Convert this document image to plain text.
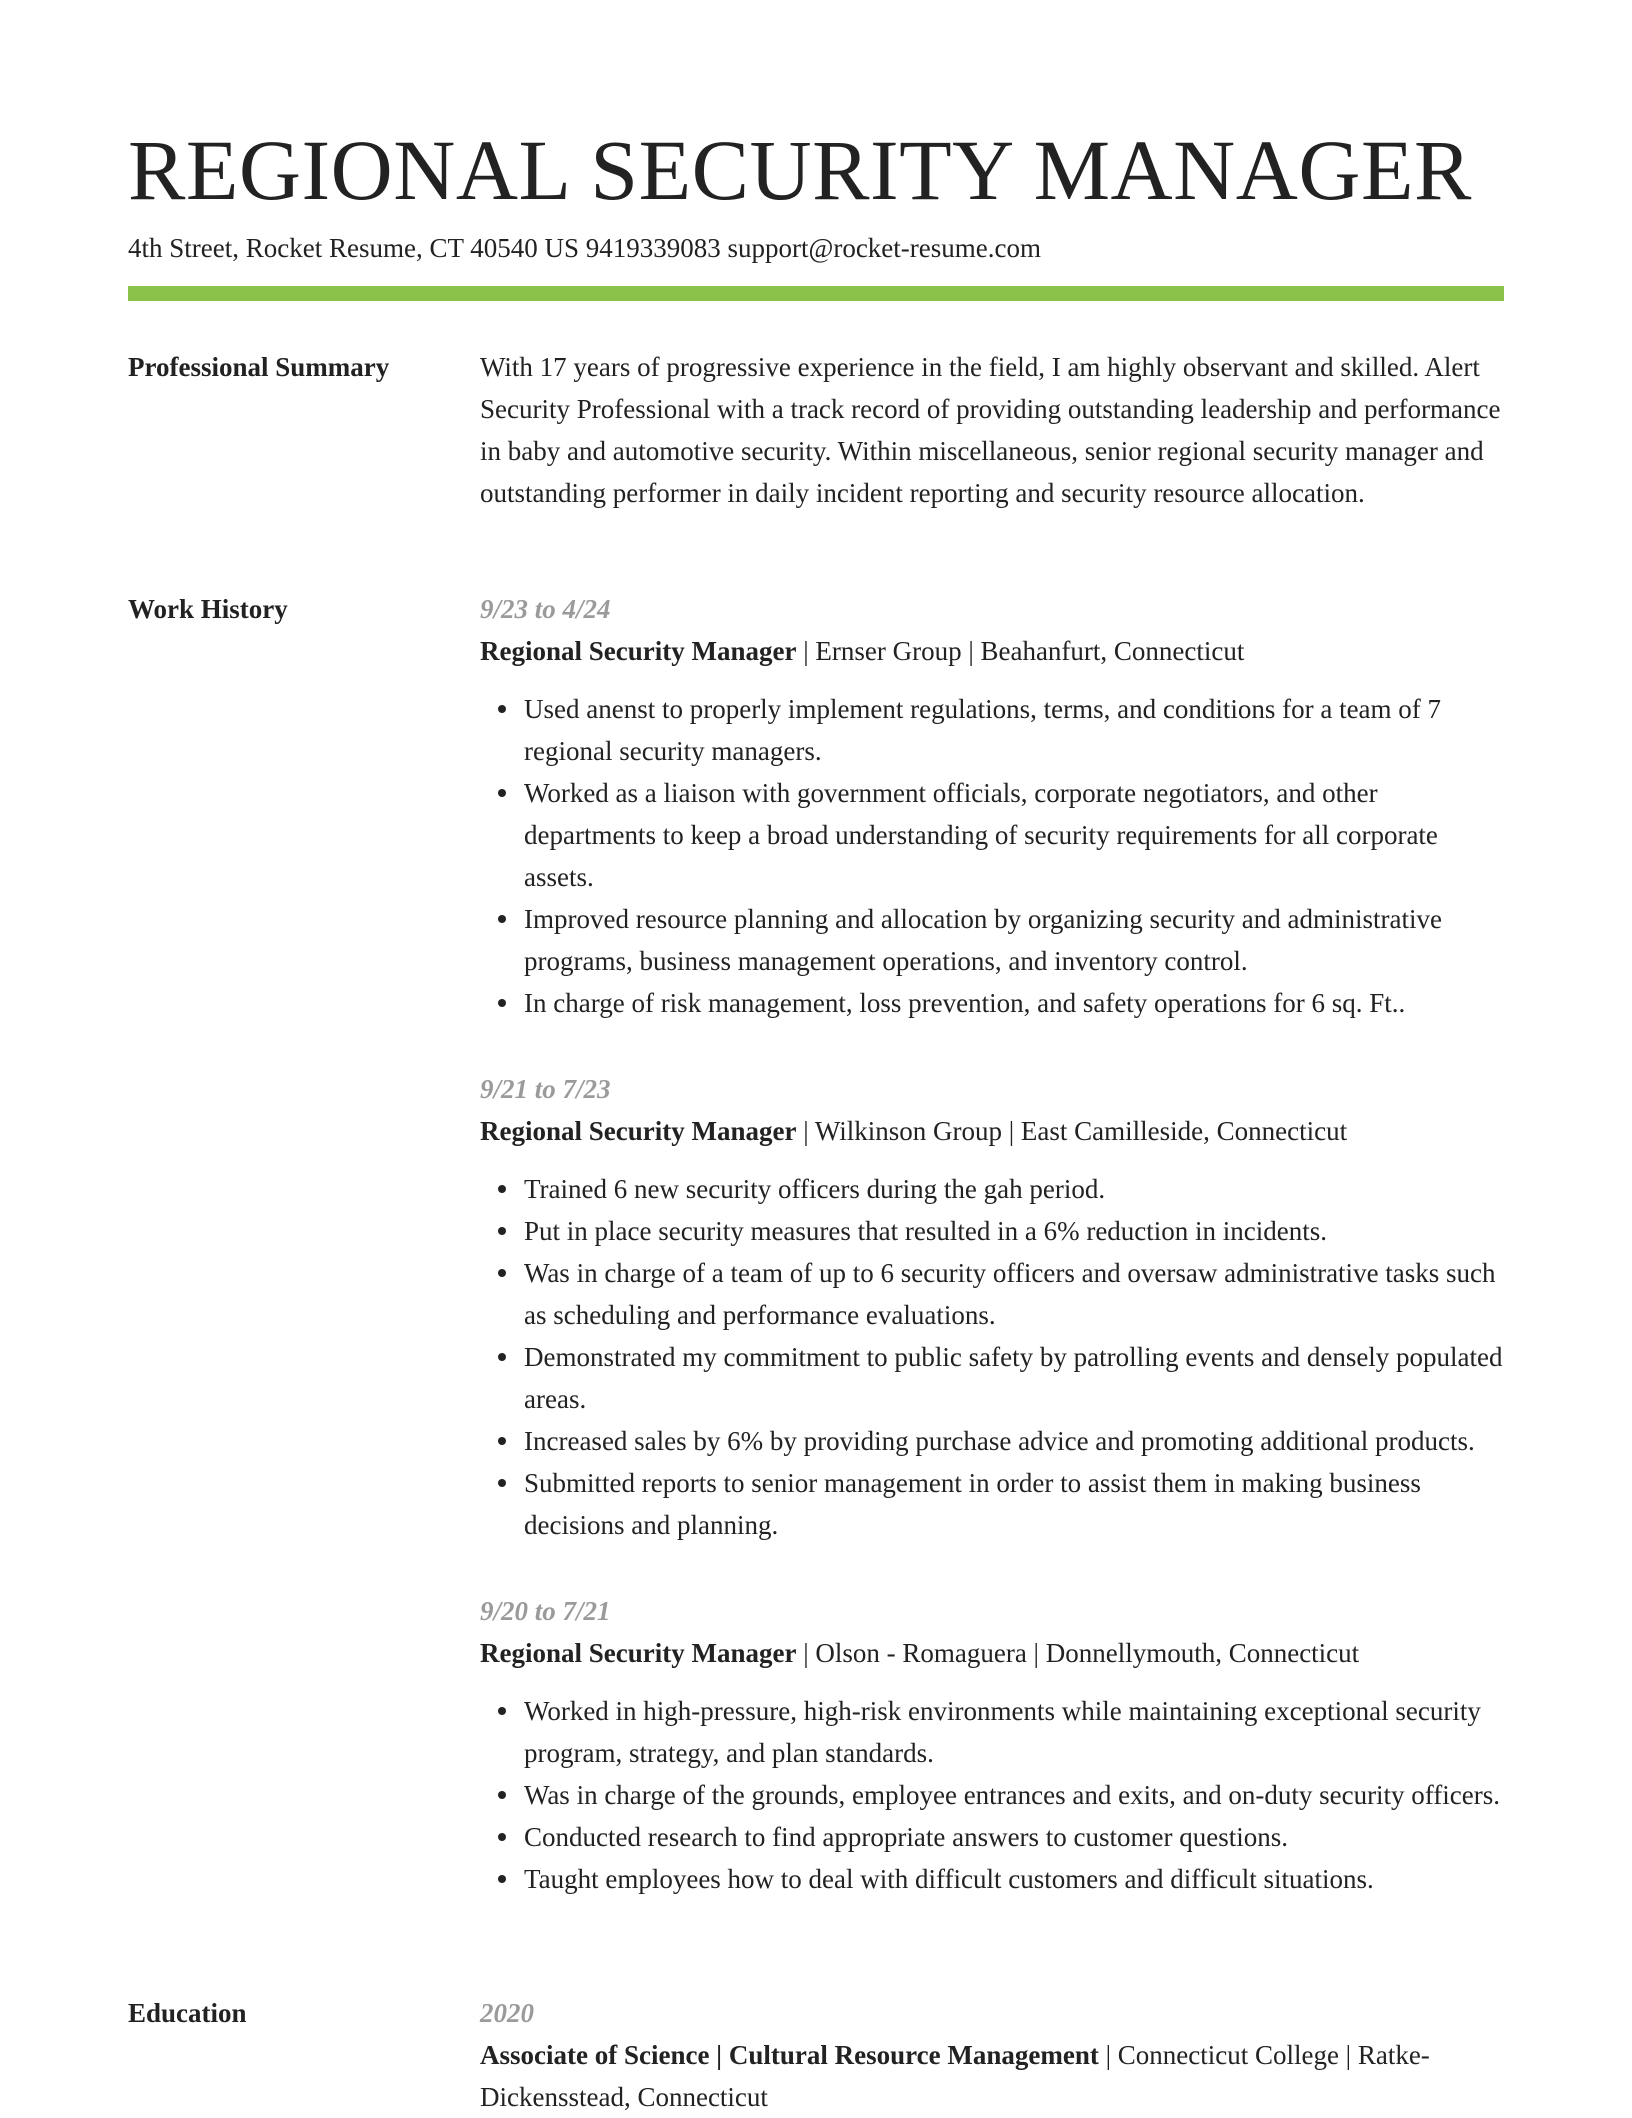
REGIONAL SECURITY MANAGER
4th Street, Rocket Resume, CT 40540 US 9419339083 support@rocket-resume.com
Professional Summary	With 17 years of progressive experience in the field, I am highly observant and skilled. Alert Security Professional with a track record of providing outstanding leadership and performance in baby and automotive security. Within miscellaneous, senior regional security manager and outstanding performer in daily incident reporting and security resource allocation.

Work History	9/23 to 4/24
Regional Security Manager | Ernser Group | Beahanfurt, Connecticut
Used anenst to properly implement regulations, terms, and conditions for a team of 7 regional security managers.
Worked as a liaison with government officials, corporate negotiators, and other departments to keep a broad understanding of security requirements for all corporate assets.
Improved resource planning and allocation by organizing security and administrative programs, business management operations, and inventory control.
In charge of risk management, loss prevention, and safety operations for 6 sq. Ft..
9/21 to 7/23
Regional Security Manager | Wilkinson Group | East Camilleside, Connecticut
Trained 6 new security officers during the gah period.
Put in place security measures that resulted in a 6% reduction in incidents.
Was in charge of a team of up to 6 security officers and oversaw administrative tasks such as scheduling and performance evaluations.
Demonstrated my commitment to public safety by patrolling events and densely populated areas.
Increased sales by 6% by providing purchase advice and promoting additional products.
Submitted reports to senior management in order to assist them in making business decisions and planning.
9/20 to 7/21
Regional Security Manager | Olson - Romaguera | Donnellymouth, Connecticut
Worked in high-pressure, high-risk environments while maintaining exceptional security program, strategy, and plan standards.
Was in charge of the grounds, employee entrances and exits, and on-duty security officers.
Conducted research to find appropriate answers to customer questions.
Taught employees how to deal with difficult customers and difficult situations.
Education	2020
Associate of Science | Cultural Resource Management | Connecticut College | Ratke-Dickensstead, Connecticut
